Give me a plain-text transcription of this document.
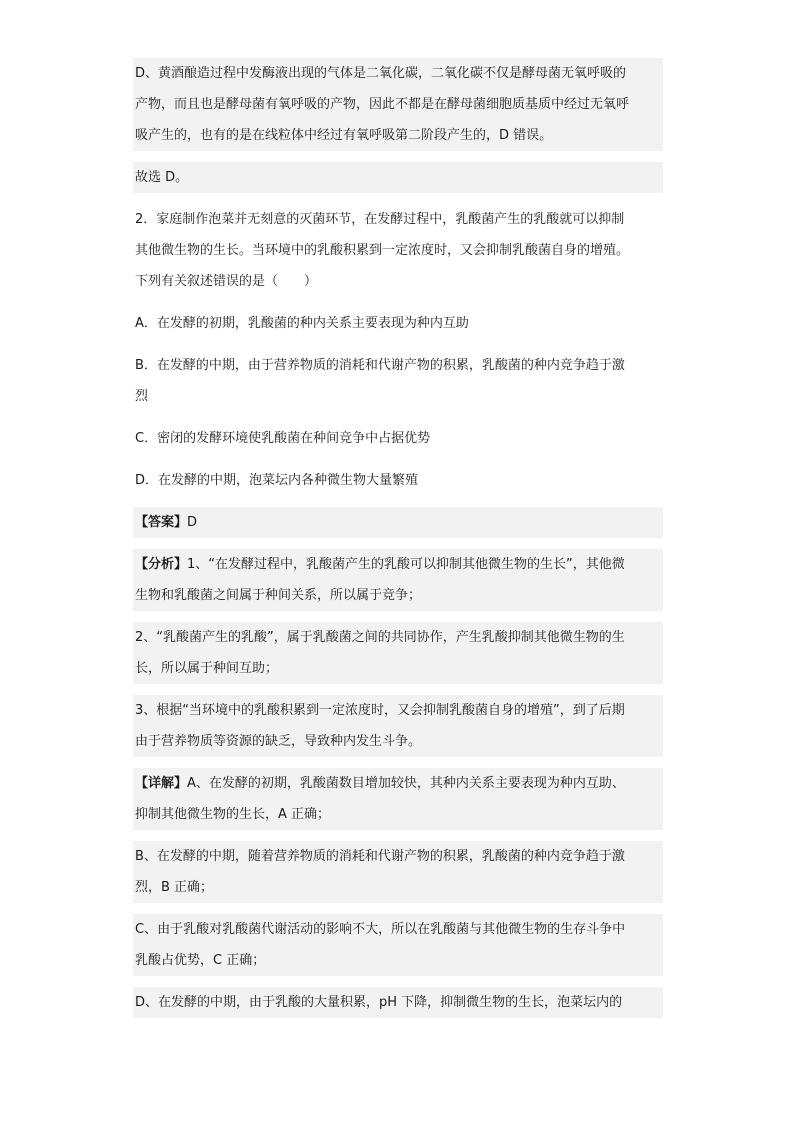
D、黄酒酿造过程中发酶液出现的气体是二氧化碳，二氧化碳不仅是酵母菌无氧呼吸的
产物，而且也是酵母菌有氧呼吸的产物，因此不都是在酵母菌细胞质基质中经过无氧呼
吸产生的，也有的是在线粒体中经过有氧呼吸第二阶段产生的，D 错误。
故选 D。
2．家庭制作泡菜并无刻意的灭菌环节，在发酵过程中，乳酸菌产生的乳酸就可以抑制
其他微生物的生长。当环境中的乳酸积累到一定浓度时，又会抑制乳酸菌自身的增殖。
下列有关叙述错误的是（　　）
A．在发酵的初期，乳酸菌的种内关系主要表现为种内互助
B．在发酵的中期，由于营养物质的消耗和代谢产物的积累，乳酸菌的种内竞争趋于激
烈
C．密闭的发酵环境使乳酸菌在种间竞争中占据优势
D．在发酵的中期，泡菜坛内各种微生物大量繁殖
【答案】D
【分析】1、“在发酵过程中，乳酸菌产生的乳酸可以抑制其他微生物的生长”，其他微
生物和乳酸菌之间属于种间关系，所以属于竞争；
2、“乳酸菌产生的乳酸”，属于乳酸菌之间的共同协作，产生乳酸抑制其他微生物的生
长，所以属于种间互助；
3、根据“当环境中的乳酸积累到一定浓度时，又会抑制乳酸菌自身的增殖”，到了后期
由于营养物质等资源的缺乏，导致种内发生斗争。
【详解】A、在发酵的初期，乳酸菌数目增加较快，其种内关系主要表现为种内互助、
抑制其他微生物的生长，A 正确；
B、在发酵的中期，随着营养物质的消耗和代谢产物的积累，乳酸菌的种内竞争趋于激
烈，B 正确；
C、由于乳酸对乳酸菌代谢活动的影响不大，所以在乳酸菌与其他微生物的生存斗争中
乳酸占优势，C 正确；
D、在发酵的中期，由于乳酸的大量积累，pH 下降，抑制微生物的生长，泡菜坛内的
